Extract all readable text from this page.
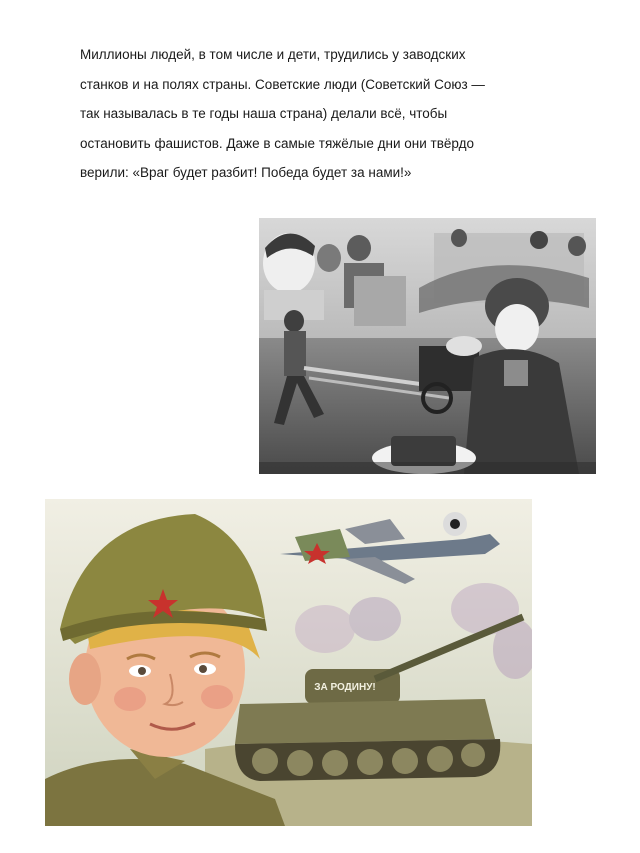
Миллионы людей, в том числе и дети, трудились у заводских

станков и на полях страны. Советские люди (Советский Союз —

так называлась в те годы наша страна) делали всё, чтобы

остановить фашистов. Даже в самые тяжёлые дни они твёрдо

верили: «Враг будет разбит! Победа будет за нами!»

ЗА РОДИНУ!
